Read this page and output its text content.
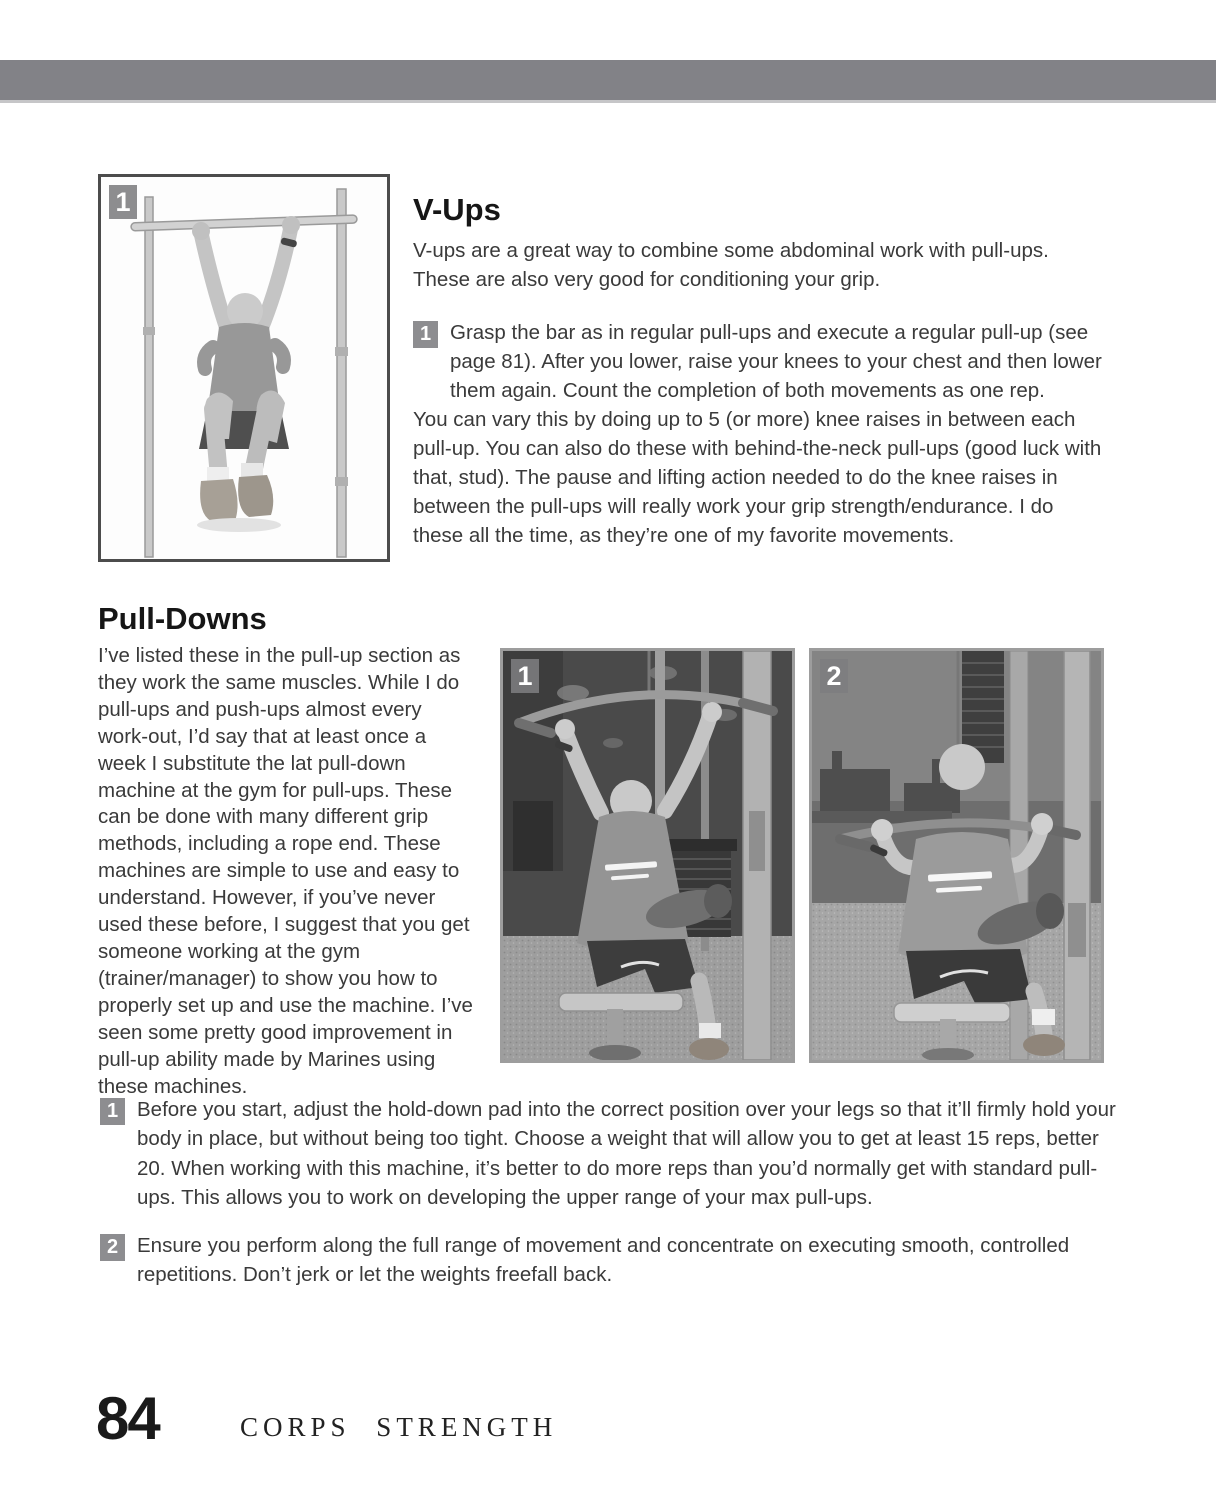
1	V-Ups

V-ups are a great way to combine some abdominal work with pull-ups. These are also very good for conditioning your grip.

1 Grasp the bar as in regular pull-ups and execute a regular pull-up (see page 81). After you lower, raise your knees to your chest and then lower them again. Count the completion of both movements as one rep.

You can vary this by doing up to 5 (or more) knee raises in between each pull-up. You can also do these with behind-the-neck pull-ups (good luck with that, stud). The pause and lifting action needed to do the knee raises in between the pull-ups will really work your grip strength/endurance. I do these all the time, as they’re one of my favorite movements.

Pull-Downs

I’ve listed these in the pull-up section as they work the same muscles. While I do pull-ups and push-ups almost every work-out, I’d say that at least once a week I substitute the lat pull-down machine at the gym for pull-ups. These can be done with many different grip methods, including a rope end. These machines are simple to use and easy to understand. However, if you’ve never used these before, I suggest that you get someone working at the gym (trainer/manager) to show you how to properly set up and use the machine. I’ve seen some pretty good improvement in pull-up ability made by Marines using these machines.

1	2
1 Before you start, adjust the hold-down pad into the correct position over your legs so that it’ll firmly hold your body in place, but without being too tight. Choose a weight that will allow you to get at least 15 reps, better 20. When working with this machine, it’s better to do more reps than you’d normally get with standard pull-ups. This allows you to work on developing the upper range of your max pull-ups.
2 Ensure you perform along the full range of movement and concentrate on executing smooth, controlled repetitions. Don’t jerk or let the weights freefall back.
84	CORPS STRENGTH
